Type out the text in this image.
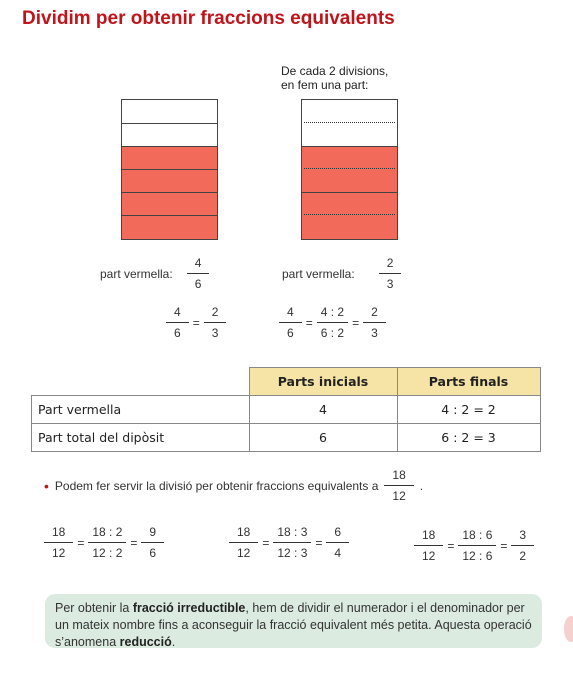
Dividim per obtenir fraccions equivalents
De cada 2 divisions,
en fem una part:
part vermella: $\frac{4}{6}$	part vermella: $\frac{2}{3}$
$\frac{4}{6} = \frac{2}{3}$	$\frac{4}{6} = \frac{4 : 2}{6 : 2} = \frac{2}{3}$
	Parts inicials	Parts finals
Part vermella	4	4 : 2 = 2
Part total del dipòsit	6	6 : 2 = 3
• Podem fer servir la divisió per obtenir fraccions equivalents a $\frac{18}{12}$ .
$\frac{18}{12} = \frac{18 : 2}{12 : 2} = \frac{9}{6}$	$\frac{18}{12} = \frac{18 : 3}{12 : 3} = \frac{6}{4}$	$\frac{18}{12} = \frac{18 : 6}{12 : 6} = \frac{3}{2}$
Per obtenir la fracció irreductible, hem de dividir el numerador i el denominador per un mateix nombre fins a aconseguir la fracció equivalent més petita. Aquesta operació s’anomena reducció.
